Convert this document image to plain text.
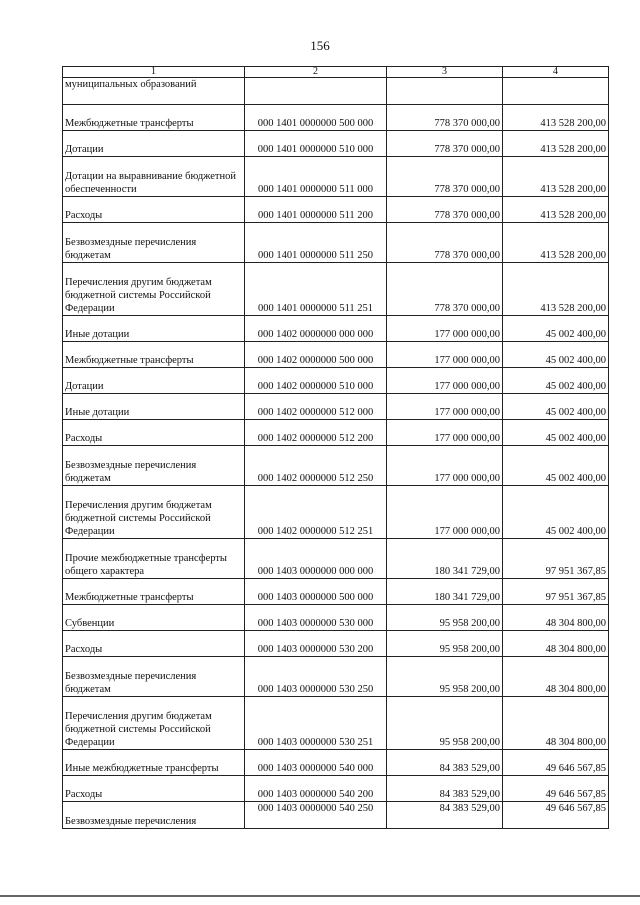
156
1	2	3	4
муниципальных образований			
Межбюджетные трансферты	000 1401 0000000 500 000	778 370 000,00	413 528 200,00
Дотации	000 1401 0000000 510 000	778 370 000,00	413 528 200,00
Дотации на выравнивание бюджетной обеспеченности	000 1401 0000000 511 000	778 370 000,00	413 528 200,00
Расходы	000 1401 0000000 511 200	778 370 000,00	413 528 200,00
Безвозмездные перечисления бюджетам	000 1401 0000000 511 250	778 370 000,00	413 528 200,00
Перечисления другим бюджетам бюджетной системы Российской Федерации	000 1401 0000000 511 251	778 370 000,00	413 528 200,00
Иные дотации	000 1402 0000000 000 000	177 000 000,00	45 002 400,00
Межбюджетные трансферты	000 1402 0000000 500 000	177 000 000,00	45 002 400,00
Дотации	000 1402 0000000 510 000	177 000 000,00	45 002 400,00
Иные дотации	000 1402 0000000 512 000	177 000 000,00	45 002 400,00
Расходы	000 1402 0000000 512 200	177 000 000,00	45 002 400,00
Безвозмездные перечисления бюджетам	000 1402 0000000 512 250	177 000 000,00	45 002 400,00
Перечисления другим бюджетам бюджетной системы Российской Федерации	000 1402 0000000 512 251	177 000 000,00	45 002 400,00
Прочие межбюджетные трансферты общего характера	000 1403 0000000 000 000	180 341 729,00	97 951 367,85
Межбюджетные трансферты	000 1403 0000000 500 000	180 341 729,00	97 951 367,85
Субвенции	000 1403 0000000 530 000	95 958 200,00	48 304 800,00
Расходы	000 1403 0000000 530 200	95 958 200,00	48 304 800,00
Безвозмездные перечисления бюджетам	000 1403 0000000 530 250	95 958 200,00	48 304 800,00
Перечисления другим бюджетам бюджетной системы Российской Федерации	000 1403 0000000 530 251	95 958 200,00	48 304 800,00
Иные межбюджетные трансферты	000 1403 0000000 540 000	84 383 529,00	49 646 567,85
Расходы	000 1403 0000000 540 200	84 383 529,00	49 646 567,85
Безвозмездные перечисления	000 1403 0000000 540 250	84 383 529,00	49 646 567,85
